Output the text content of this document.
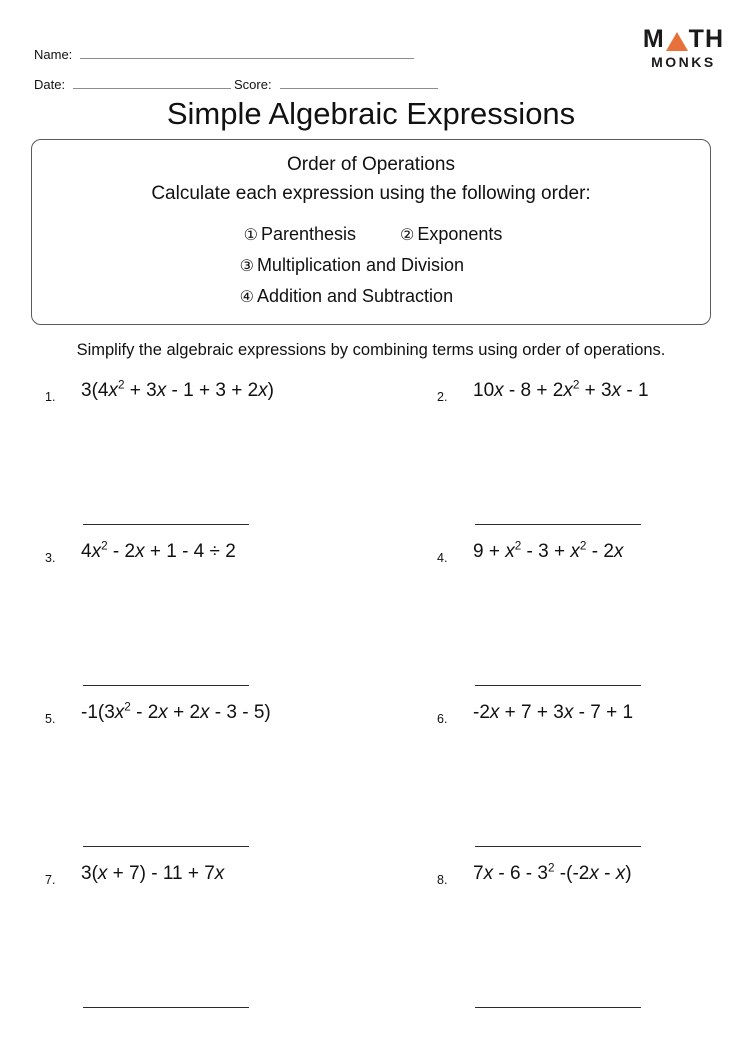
M TH
MONKS
Name:
Date:	Score:
Simple Algebraic Expressions
Order of Operations
Calculate each expression using the following order:
① Parenthesis	② Exponents
③ Multiplication and Division
④ Addition and Subtraction
Simplify the algebraic expressions by combining terms using order of operations.
1. $3(4x^2 + 3x - 1 + 3 + 2x)$	2. $10x - 8 + 2x^2 + 3x - 1$
3. $4x^2 - 2x + 1 - 4 \div 2$	4. $9 + x^2 - 3 + x^2 - 2x$
5. $-1(3x^2 - 2x + 2x - 3 - 5)$	6. -2x + 7 + 3x - 7 + 1
7. 3(x + 7) - 11 + 7x	8. $7x - 6 - 3^2$ -(-2x - x)
